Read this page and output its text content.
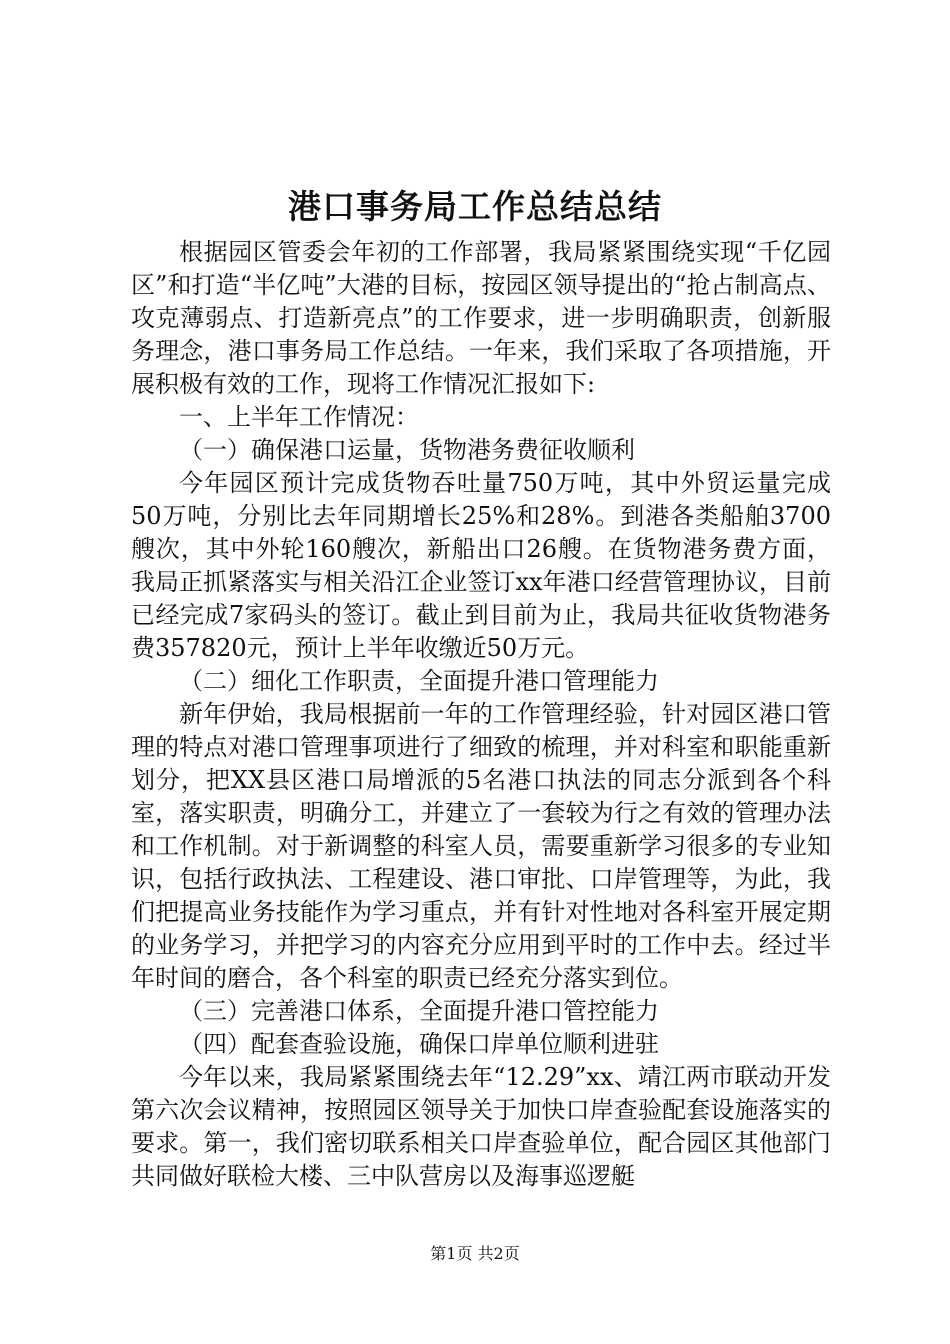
港口事务局工作总结总结

根据园区管委会年初的工作部署，我局紧紧围绕实现“千亿园区”和打造“半亿吨”大港的目标，按园区领导提出的“抢占制高点、攻克薄弱点、打造新亮点”的工作要求，进一步明确职责，创新服务理念，港口事务局工作总结。一年来，我们采取了各项措施，开展积极有效的工作，现将工作情况汇报如下:

一、上半年工作情况：

（一）确保港口运量，货物港务费征收顺利

今年园区预计完成货物吞吐量750万吨，其中外贸运量完成50万吨，分别比去年同期增长25%和28%。到港各类船舶3700艘次，其中外轮160艘次，新船出口26艘。在货物港务费方面，我局正抓紧落实与相关沿江企业签订xx年港口经营管理协议，目前已经完成7家码头的签订。截止到目前为止，我局共征收货物港务费357820元，预计上半年收缴近50万元。

（二）细化工作职责，全面提升港口管理能力

新年伊始，我局根据前一年的工作管理经验，针对园区港口管理的特点对港口管理事项进行了细致的梳理，并对科室和职能重新划分，把XX县区港口局增派的5名港口执法的同志分派到各个科室，落实职责，明确分工，并建立了一套较为行之有效的管理办法和工作机制。对于新调整的科室人员，需要重新学习很多的专业知识，包括行政执法、工程建设、港口审批、口岸管理等，为此，我们把提高业务技能作为学习重点，并有针对性地对各科室开展定期的业务学习，并把学习的内容充分应用到平时的工作中去。经过半年时间的磨合，各个科室的职责已经充分落实到位。

（三）完善港口体系，全面提升港口管控能力

（四）配套查验设施，确保口岸单位顺利进驻

今年以来，我局紧紧围绕去年“12.29”xx、靖江两市联动开发第六次会议精神，按照园区领导关于加快口岸查验配套设施落实的要求。第一，我们密切联系相关口岸查验单位，配合园区其他部门共同做好联检大楼、三中队营房以及海事巡逻艇

第1页 共2页
